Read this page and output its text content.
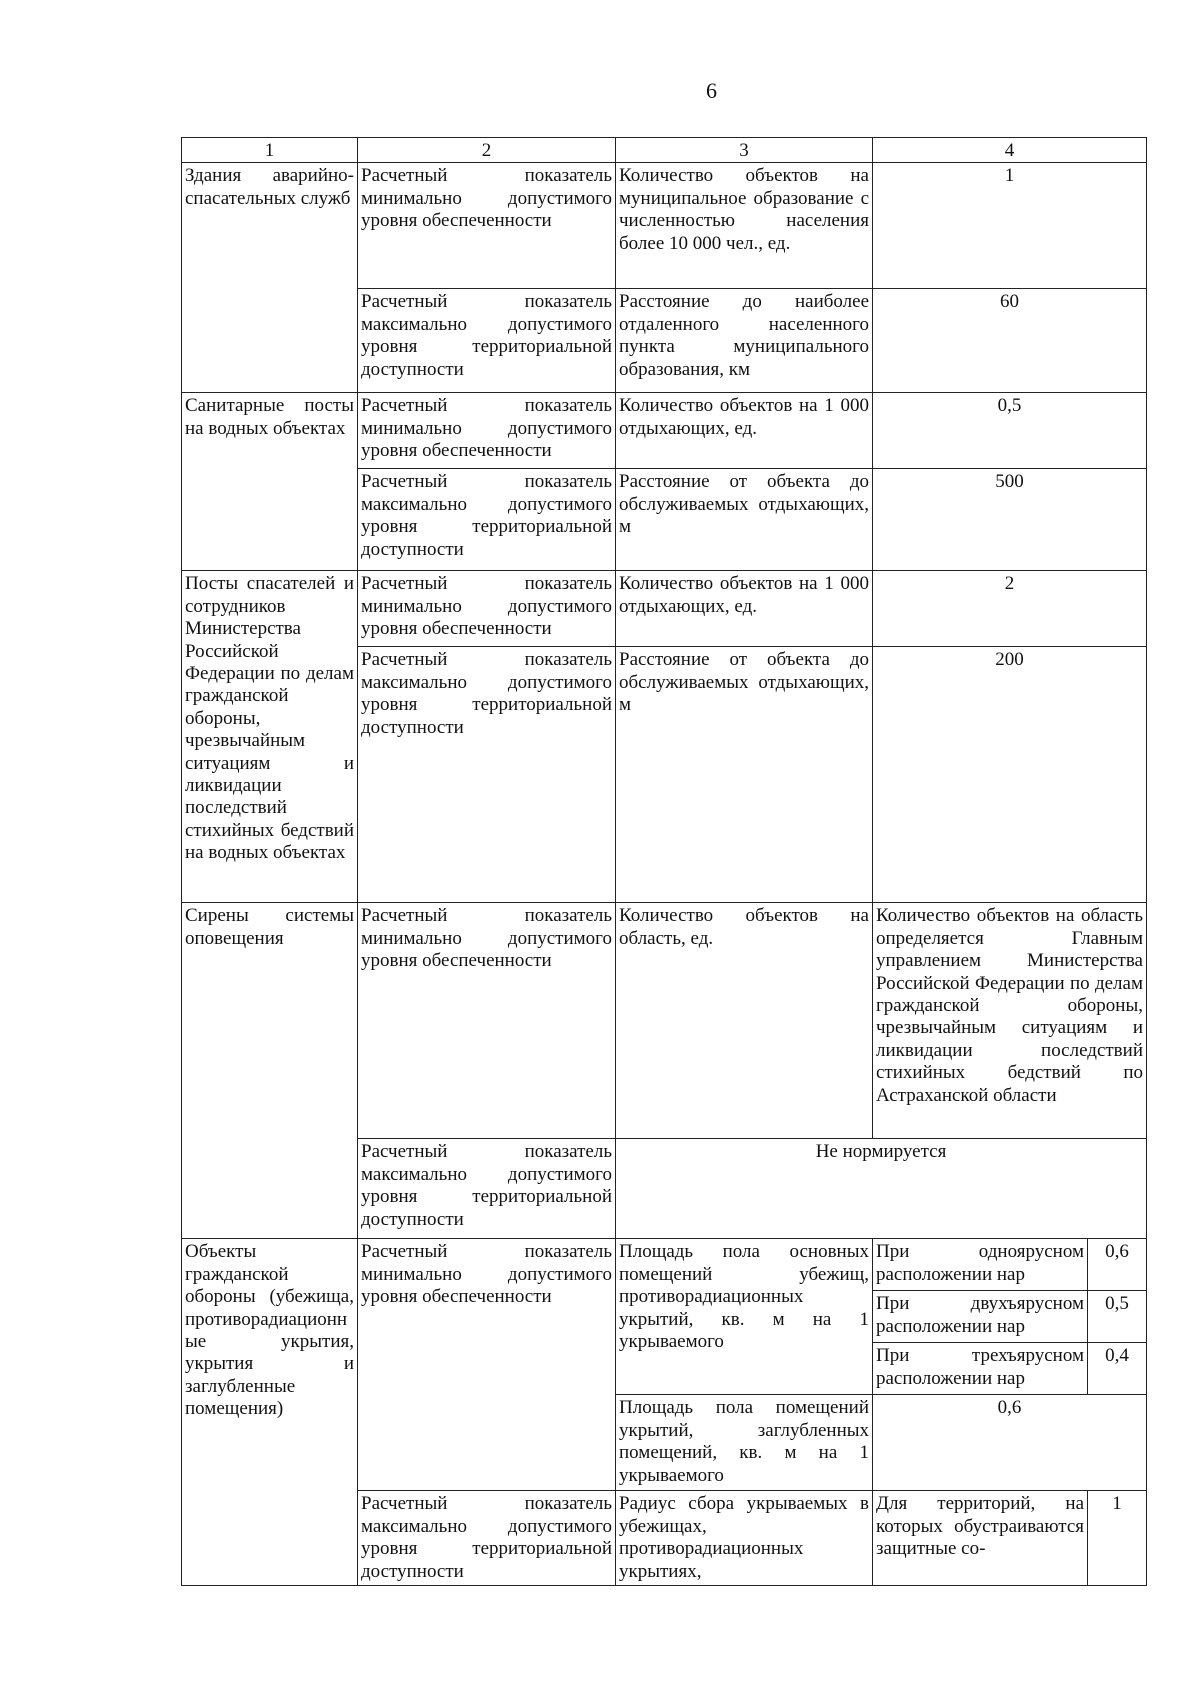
6
1	2	3	4	
Здания аварийно-спасательных служб	Расчетный показатель минимально допустимого уровня обеспеченности	Количество объектов на муниципальное образование с численностью населения более 10 000 чел., ед.	1	
	Расчетный показатель максимально допустимого уровня территориальной доступности	Расстояние до наиболее отдаленного населенного пункта муниципального образования, км	60	
Санитарные посты на водных объектах	Расчетный показатель минимально допустимого уровня обеспеченности	Количество объектов на 1 000 отдыхающих, ед.	0,5	
	Расчетный показатель максимально допустимого уровня территориальной доступности	Расстояние от объекта до обслуживаемых отдыхающих, м	500	
Посты спасателей и сотрудников Министерства Российской Федерации по делам гражданской обороны, чрезвычайным ситуациям и ликвидации последствий стихийных бедствий на водных объектах	Расчетный показатель минимально допустимого уровня обеспеченности	Количество объектов на 1 000 отдыхающих, ед.	2	
	Расчетный показатель максимально допустимого уровня территориальной доступности	Расстояние от объекта до обслуживаемых отдыхающих, м	200	
Сирены системы оповещения	Расчетный показатель минимально допустимого уровня обеспеченности	Количество объектов на область, ед.	Количество объектов на область определяется Главным управлением Министерства Российской Федерации по делам гражданской обороны, чрезвычайным ситуациям и ликвидации последствий стихийных бедствий по Астраханской области	
	Расчетный показатель максимально допустимого уровня территориальной доступности	Не нормируется		
Объекты гражданской обороны (убежища, противорадиационные укрытия, укрытия и заглубленные помещения)	Расчетный показатель минимально допустимого уровня обеспеченности	Площадь пола основных помещений убежищ, противорадиационных укрытий, кв. м на 1 укрываемого	При одноярусном расположении нар	0,6
			При двухъярусном расположении нар	0,5
			При трехъярусном расположении нар	0,4
		Площадь пола помещений укрытий, заглубленных помещений, кв. м на 1 укрываемого	0,6	
	Расчетный показатель максимально допустимого уровня территориальной доступности	Радиус сбора укрываемых в убежищах, противорадиационных укрытиях,	Для территорий, на которых обустраиваются защитные со-	1
